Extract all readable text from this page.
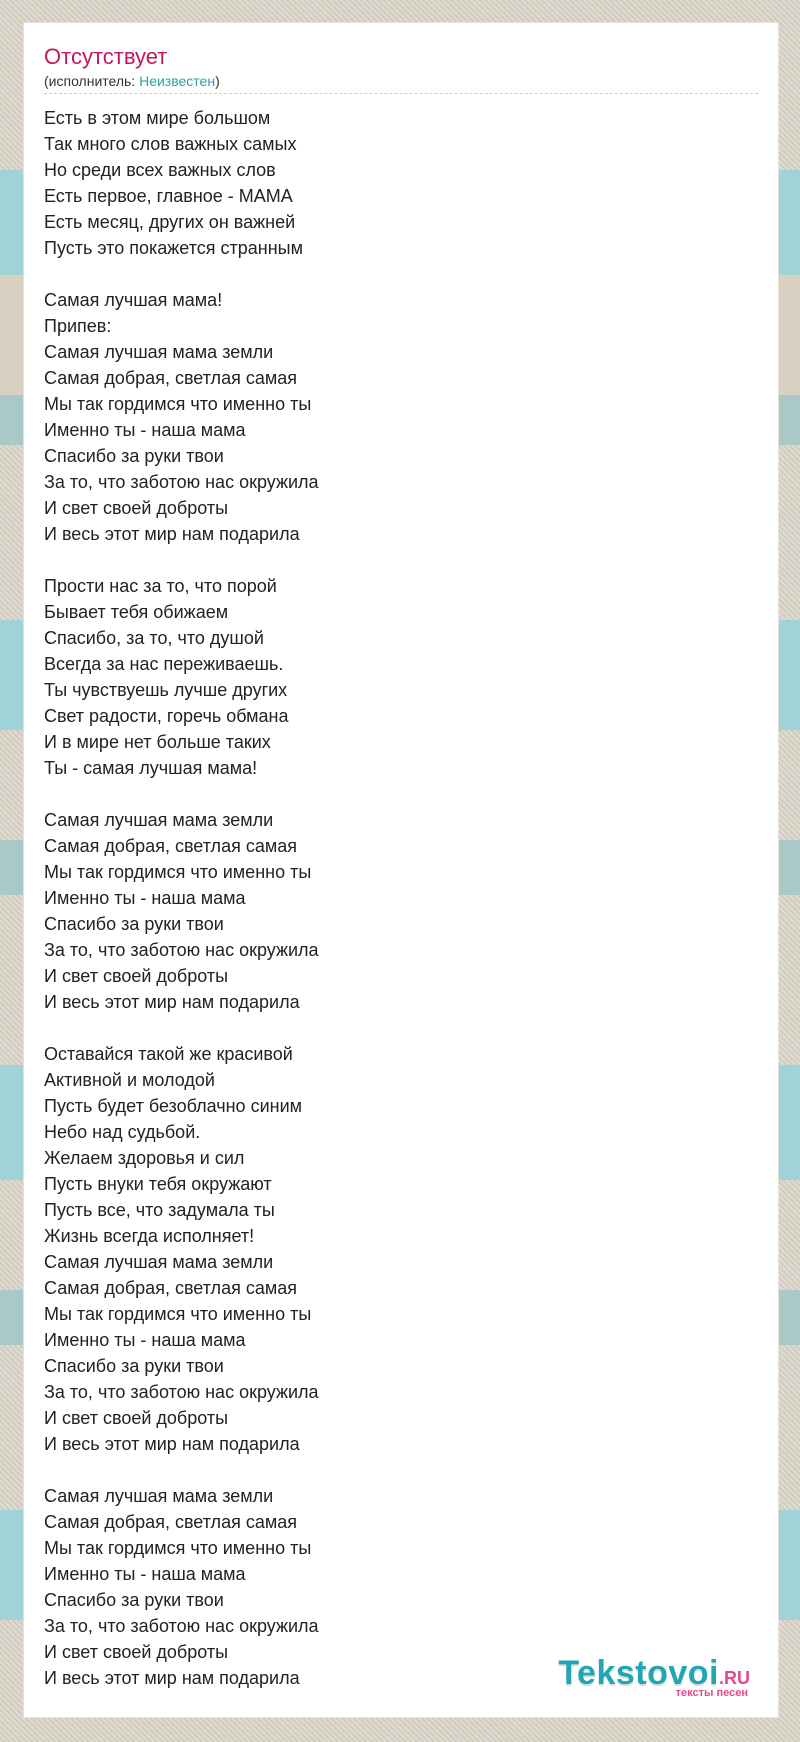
Отсутствует
(исполнитель: Неизвестен)
Есть в этом мире большом
Так много слов важных самых
Но среди всех важных слов
Есть первое, главное - МАМА
Есть месяц, других он важней
Пусть это покажется странным
Самая лучшая мама!
Припев:
Самая лучшая мама земли
Самая добрая, светлая самая
Мы так гордимся что именно ты
Именно ты - наша мама
Спасибо за руки твои
За то, что заботою нас окружила
И свет своей доброты
И весь этот мир нам подарила
Прости нас за то, что порой
Бывает тебя обижаем
Спасибо, за то, что душой
Всегда за нас переживаешь.
Ты чувствуешь лучше других
Свет радости, горечь обмана
И в мире нет больше таких
Ты - самая лучшая мама!
Самая лучшая мама земли
Самая добрая, светлая самая
Мы так гордимся что именно ты
Именно ты - наша мама
Спасибо за руки твои
За то, что заботою нас окружила
И свет своей доброты
И весь этот мир нам подарила
Оставайся такой же красивой
Активной и молодой
Пусть будет безоблачно синим
Небо над судьбой.
Желаем здоровья и сил
Пусть внуки тебя окружают
Пусть все, что задумала ты
Жизнь всегда исполняет!
Самая лучшая мама земли
Самая добрая, светлая самая
Мы так гордимся что именно ты
Именно ты - наша мама
Спасибо за руки твои
За то, что заботою нас окружила
И свет своей доброты
И весь этот мир нам подарила
Самая лучшая мама земли
Самая добрая, светлая самая
Мы так гордимся что именно ты
Именно ты - наша мама
Спасибо за руки твои
За то, что заботою нас окружила
И свет своей доброты
И весь этот мир нам подарила	Tekstovoi.RU
тексты песен
